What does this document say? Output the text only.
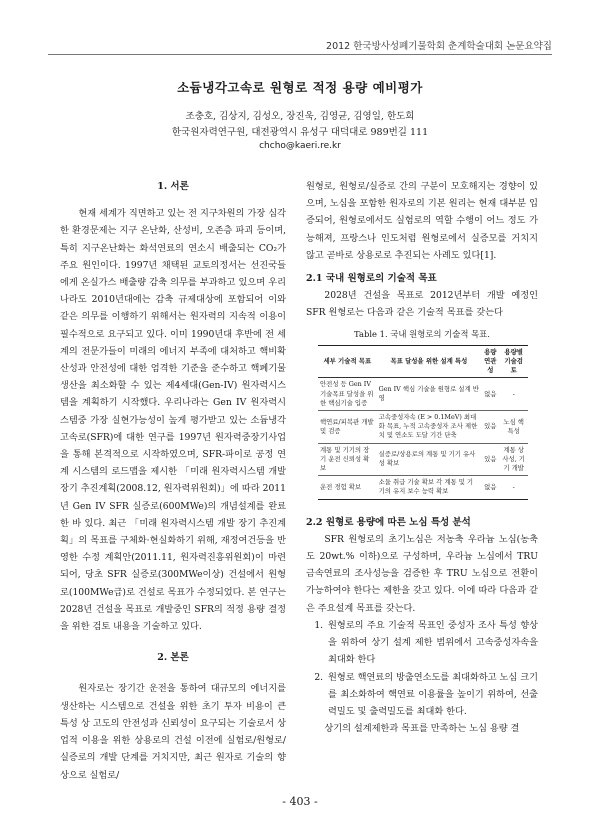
2012 한국방사성폐기물학회 춘계학술대회 논문요약집
소듐냉각고속로 원형로 적정 용량 예비평가
조충호, 김상지, 김성오, 장진욱, 김영균, 김영일, 한도희
한국원자력연구원, 대전광역시 유성구 대덕대로 989번길 111
chcho@kaeri.re.kr

1. 서론

현재 세계가 직면하고 있는 전 지구차원의 가장 심각한 환경문제는 지구 온난화, 산성비, 오존층 파괴 등이며, 특히 지구온난화는 화석연료의 연소시 배출되는 CO₂가 주요 원인이다. 1997년 채택된 교토의정서는 선진국들에게 온실가스 배출량 감축 의무를 부과하고 있으며 우리나라도 2010년대에는 감축 규제대상에 포함되어 이와 같은 의무를 이행하기 위해서는 원자력의 지속적 이용이 필수적으로 요구되고 있다. 이미 1990년대 후반에 전 세계의 전문가들이 미래의 에너지 부족에 대처하고 핵비확산성과 안전성에 대한 엄격한 기준을 준수하고 핵폐기물 생산을 최소화할 수 있는 제4세대(Gen-IV) 원자력시스템을 계획하기 시작했다. 우리나라는 Gen IV 원자력시스템중 가장 실현가능성이 높게 평가받고 있는 소듐냉각고속로(SFR)에 대한 연구를 1997년 원자력중장기사업을 통해 본격적으로 시작하였으며, SFR-파이로 공정 연계 시스템의 로드맵을 제시한 「미래 원자력시스템 개발 장기 추진계획(2008.12, 원자력위원회)」에 따라 2011년 Gen IV SFR 실증로(600MWe)의 개념설계를 완료한 바 있다. 최근 「미래 원자력시스템 개발 장기 추진계획」의 목표를 구체화·현실화하기 위해, 재정여건등을 반영한 수정 계획안(2011.11, 원자력진흥위원회)이 마련되어, 당초 SFR 실증로(300MWe이상) 건설에서 원형로(100MWe급)로 건설로 목표가 수정되었다. 본 연구는 2028년 건설을 목표로 개발중인 SFR의 적정 용량 결정을 위한 검토 내용을 기술하고 있다.

2. 본론

원자로는 장기간 운전을 통하여 대규모의 에너지를 생산하는 시스템으로 건설을 위한 초기 투자 비용이 큰 특성 상 고도의 안전성과 신뢰성이 요구되는 기술로서 상업적 이용을 위한 상용로의 건설 이전에 실험로/원형로/실증로의 개발 단계를 거치지만, 최근 원자로 기술의 향상으로 실험로/

원형로, 원형로/실증로 간의 구분이 모호해지는 경향이 있으며, 노심을 포함한 원자로의 기본 원리는 현재 대부분 입증되어, 원형로에서도 실험로의 역할 수행이 어느 정도 가능해져, 프랑스나 인도처럼 원형로에서 실증모를 거치지 않고 곧바로 상용로로 추진되는 사례도 있다[1].

2.1 국내 원형로의 기술적 목표

2028년 건설을 목표로 2012년부터 개발 예정인 SFR 원형로는 다음과 같은 기술적 목표를 갖는다

Table 1. 국내 원형로의 기술적 목표.

세부 기술적 목표	목표 달성을 위한 설계 특성	용량 연관성	용량별 기술검토
안전성 등 Gen IV 기술목표 달성을 위한 핵심기술 입증	Gen IV 핵심 기술을 원형로 설계 반영	없음	-
핵연료/피복관 개발 및 검증	고속중성자속 (E > 0.1MeV) 최대화 목표, 누적 고속중성자 조사 제한치 및 연소도 도달 기간 단축	있음	노심 핵특성
계통 및 기기의 장기 운전 신뢰성 확보	실증로/상용로의 계통 및 기기 유사성 확보	있음	계통 상사성, 기기 개발
운전 경험 확보	소듐 취급 기술 확보 각 계통 및 기기의 유지 보수 능력 확보	없음	-

2.2 원형로 용량에 따른 노심 특성 분석

SFR 원형로의 초기노심은 저농축 우라늄 노심(농축도 20wt.% 이하)으로 구성하며, 우라늄 노심에서 TRU 금속연료의 조사성능을 검증한 후 TRU 노심으로 전환이 가능하여야 한다는 제한을 갖고 있다. 이에 따라 다음과 같은 주요설계 목표를 갖는다.

1. 원형로의 주요 기술적 목표인 중성자 조사 특성 향상을 위하여 상기 설계 제한 범위에서 고속중성자속을 최대화 한다
2. 원형로 핵연료의 방출연소도를 최대화하고 노심 크기를 최소화하여 핵연료 이용률을 높이기 위하여, 선출력밀도 및 출력밀도를 최대화 한다.

상기의 설계제한과 목표를 만족하는 노심 용량 결

- 403 -
